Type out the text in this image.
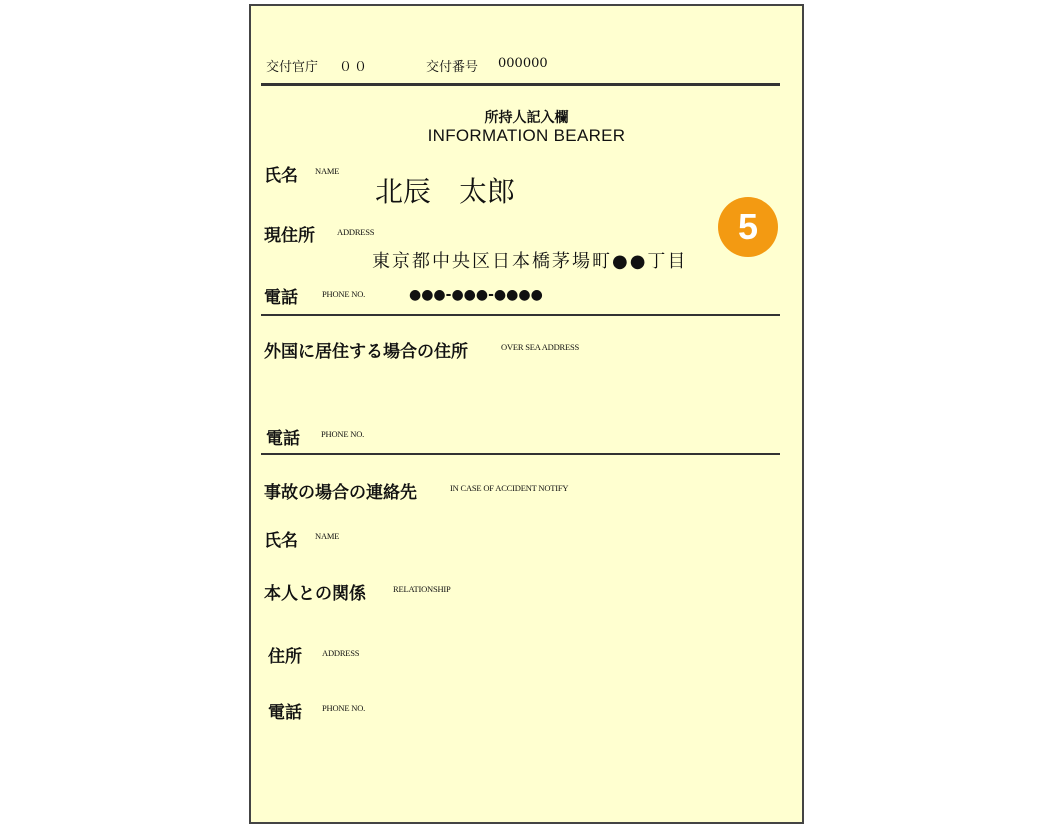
交付官庁 ００	交付番号 000000
所持人記入欄
INFORMATION BEARER
氏名 NAME
北辰　太郎
現住所	ADDRESS
東京都中央区日本橋茅場町●●丁目
電話	PHONE NO.	●●●-●●●-●●●●
外国に居住する場合の住所	OVER SEA ADDRESS
電話 PHONE NO.
事故の場合の連絡先	IN CASE OF ACCIDENT NOTIFY
氏名 NAME
本人との関係	RELATIONSHIP
住所 ADDRESS
電話 PHONE NO.
5
